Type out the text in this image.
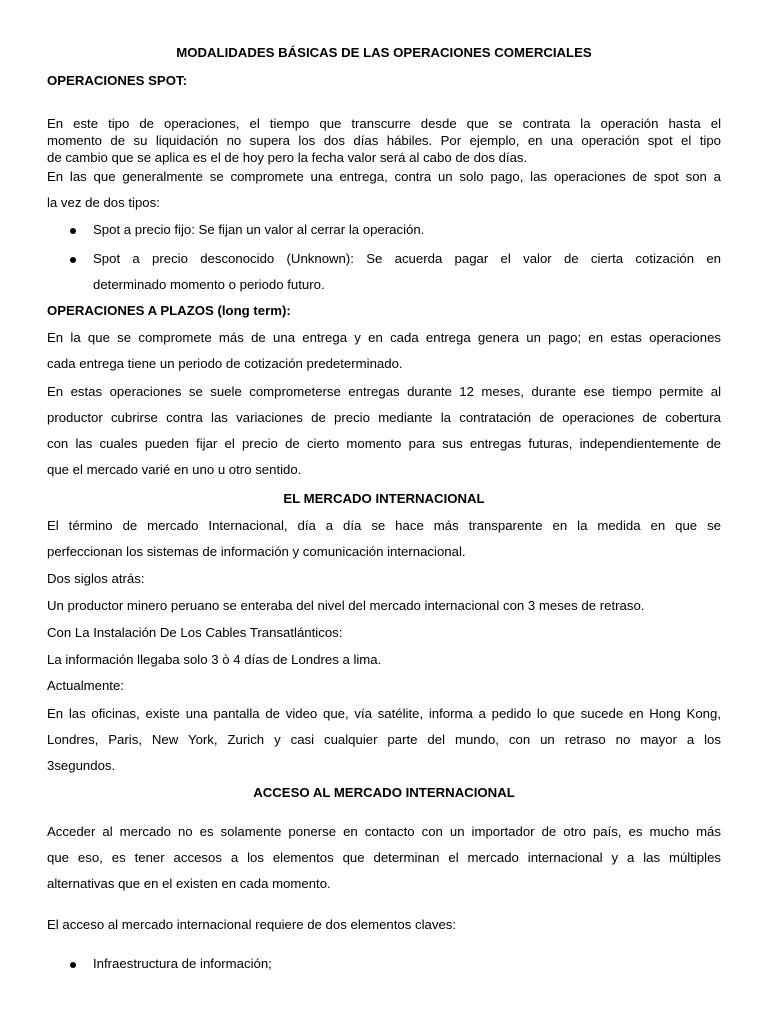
MODALIDADES BÁSICAS DE LAS OPERACIONES COMERCIALES

OPERACIONES SPOT:

En este tipo de operaciones, el tiempo que transcurre desde que se contrata la operación hasta el
momento de su liquidación no supera los dos días hábiles. Por ejemplo, en una operación spot el tipo
de cambio que se aplica es el de hoy pero la fecha valor será al cabo de dos días.
En las que generalmente se compromete una entrega, contra un solo pago, las operaciones de spot son a
la vez de dos tipos:
Spot a precio fijo: Se fijan un valor al cerrar la operación.
Spot a precio desconocido (Unknown): Se acuerda pagar el valor de cierta cotización en
determinado momento o periodo futuro.

OPERACIONES A PLAZOS (long term):

En la que se compromete más de una entrega y en cada entrega genera un pago; en estas operaciones
cada entrega tiene un periodo de cotización predeterminado.
En estas operaciones se suele comprometerse entregas durante 12 meses, durante ese tiempo permite al
productor cubrirse contra las variaciones de precio mediante la contratación de operaciones de cobertura
con las cuales pueden fijar el precio de cierto momento para sus entregas futuras, independientemente de
que el mercado varié en uno u otro sentido.

EL MERCADO INTERNACIONAL

El término de mercado Internacional, día a día se hace más transparente en la medida en que se
perfeccionan los sistemas de información y comunicación internacional.

Dos siglos atrás:

Un productor minero peruano se enteraba del nivel del mercado internacional con 3 meses de retraso.

Con La Instalación De Los Cables Transatlánticos:

La información llegaba solo 3 ò 4 días de Londres a lima.

Actualmente:

En las oficinas, existe una pantalla de video que, vía satélite, informa a pedido lo que sucede en Hong Kong,
Londres, Paris, New York, Zurich y casi cualquier parte del mundo, con un retraso no mayor a los
3segundos.

ACCESO AL MERCADO INTERNACIONAL

Acceder al mercado no es solamente ponerse en contacto con un importador de otro país, es mucho más
que eso, es tener accesos a los elementos que determinan el mercado internacional y a las múltiples
alternativas que en el existen en cada momento.

El acceso al mercado internacional requiere de dos elementos claves:

Infraestructura de información;
